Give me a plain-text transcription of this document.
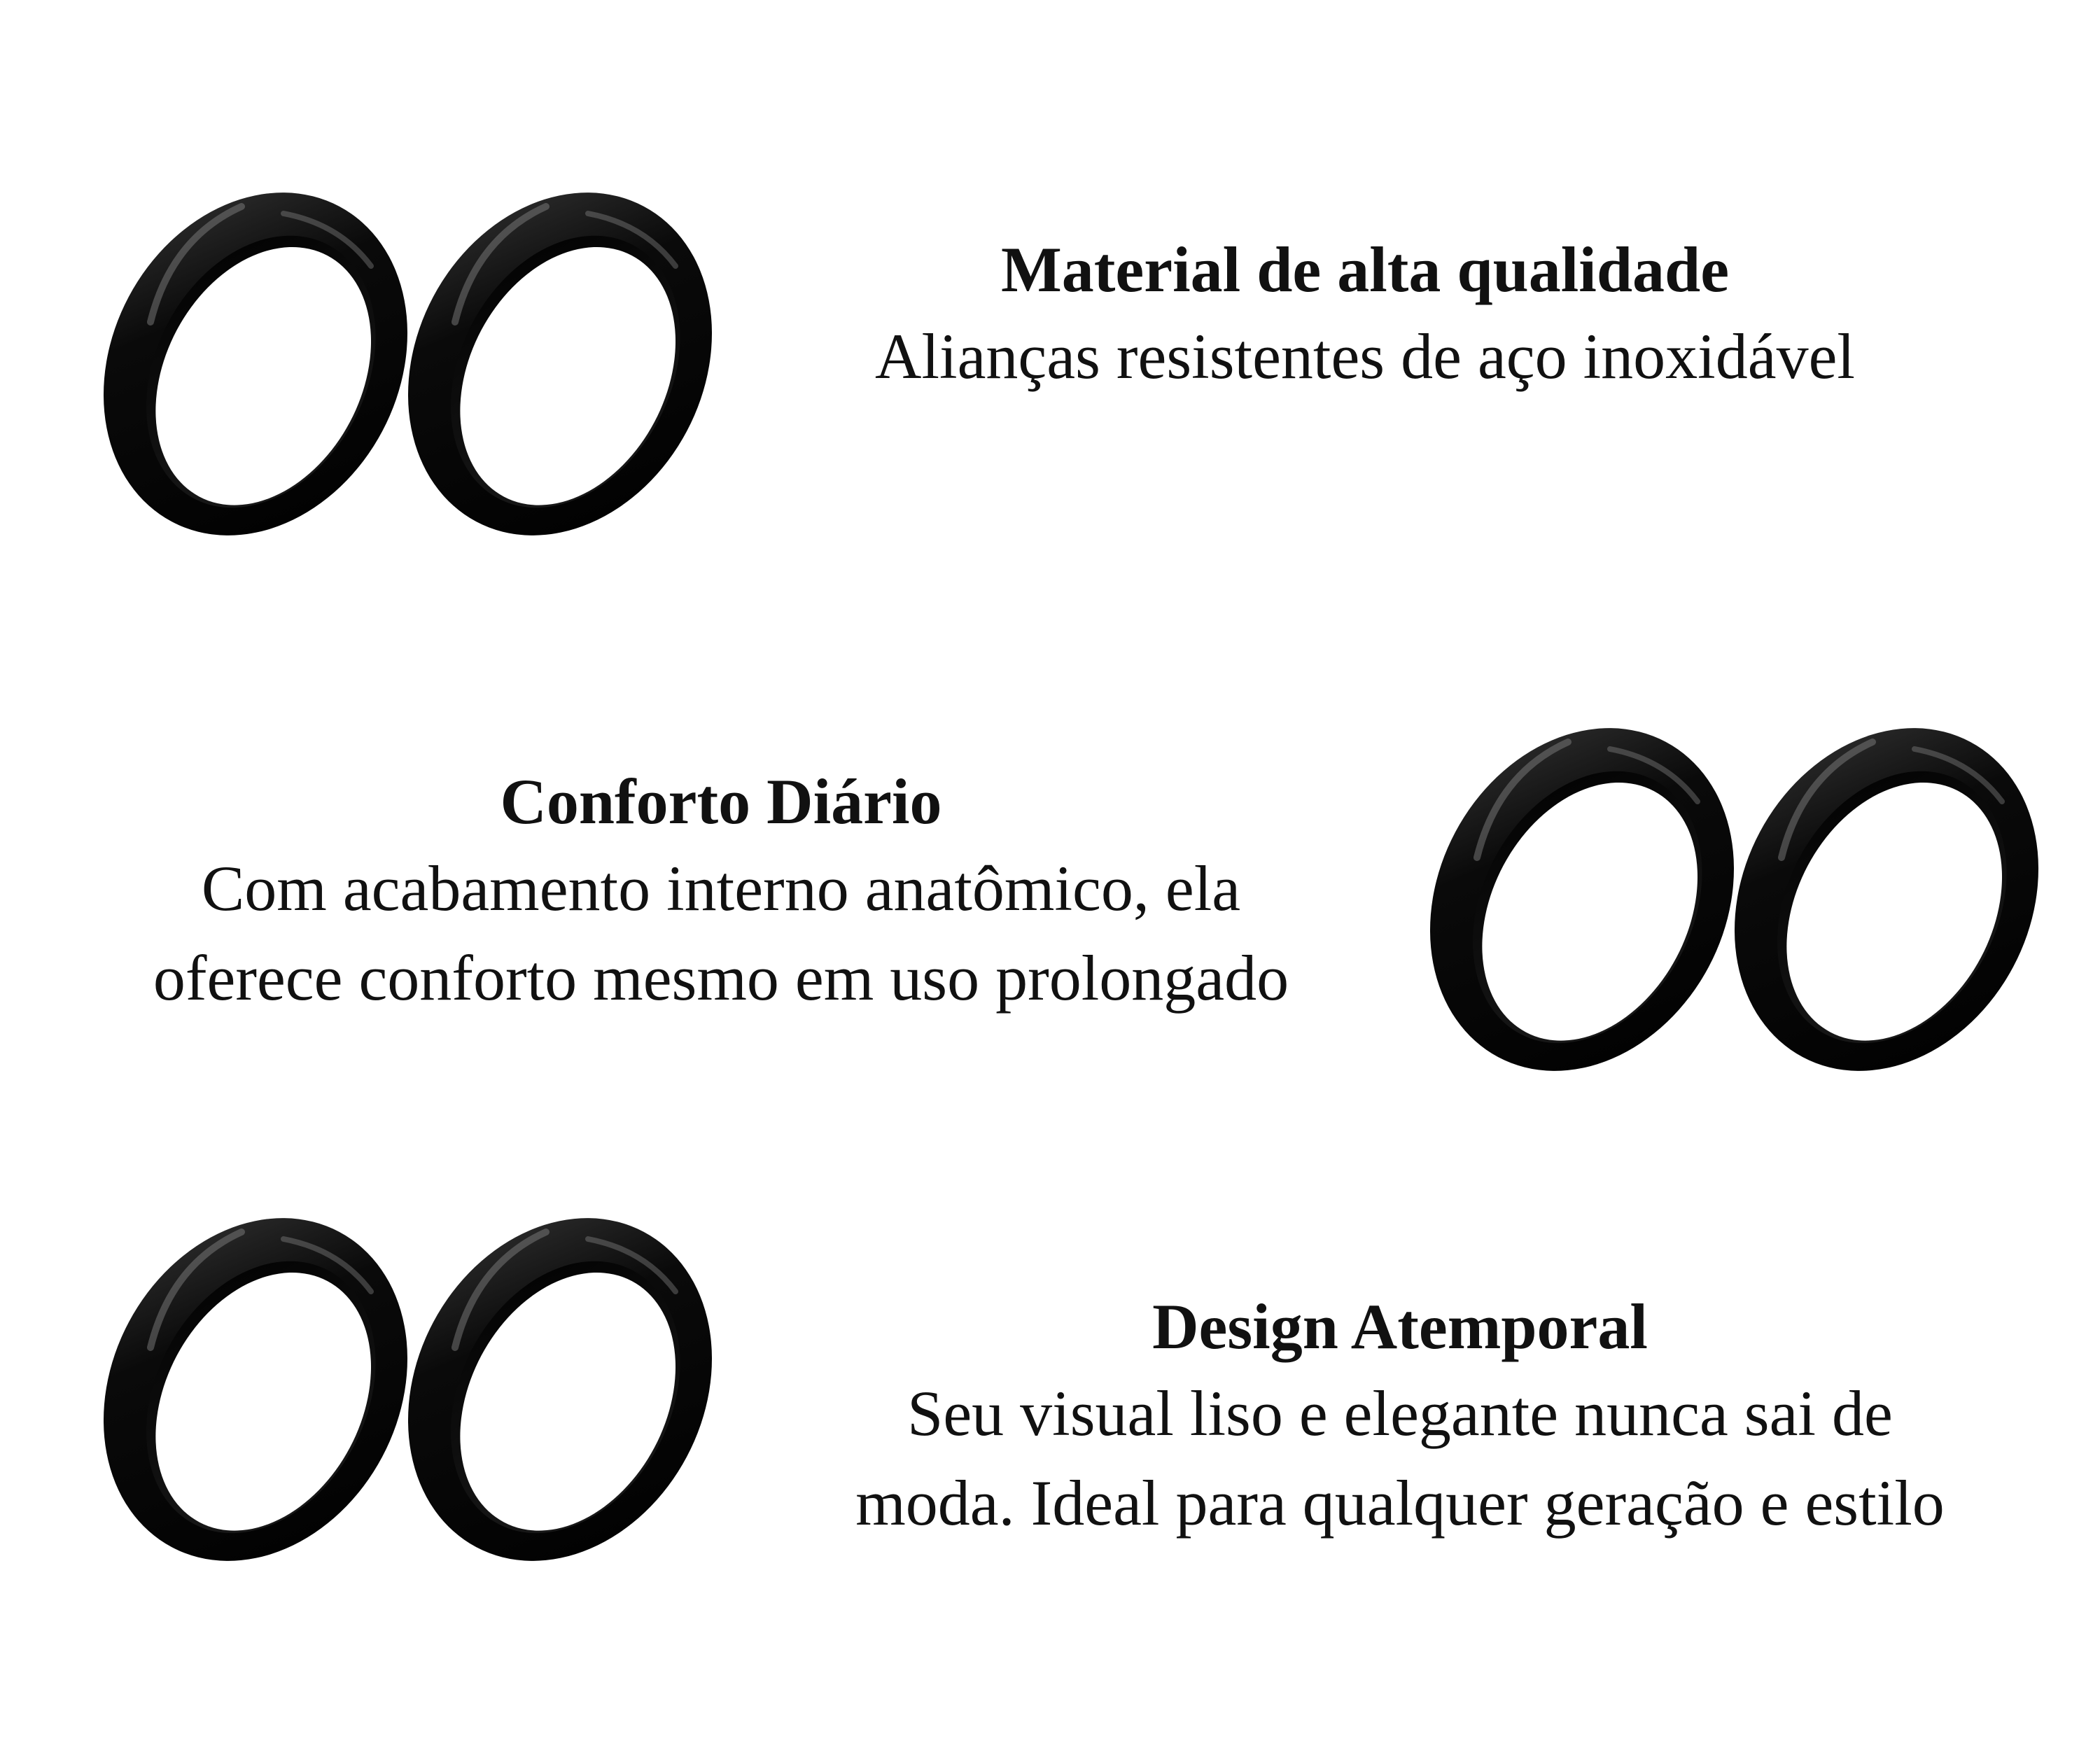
Material de alta qualidade

Alianças resistentes de aço inoxidável

Conforto Diário

Com acabamento interno anatômico, ela

oferece conforto mesmo em uso prolongado

Design Atemporal

Seu visual liso e elegante nunca sai de

moda. Ideal para qualquer geração e estilo
